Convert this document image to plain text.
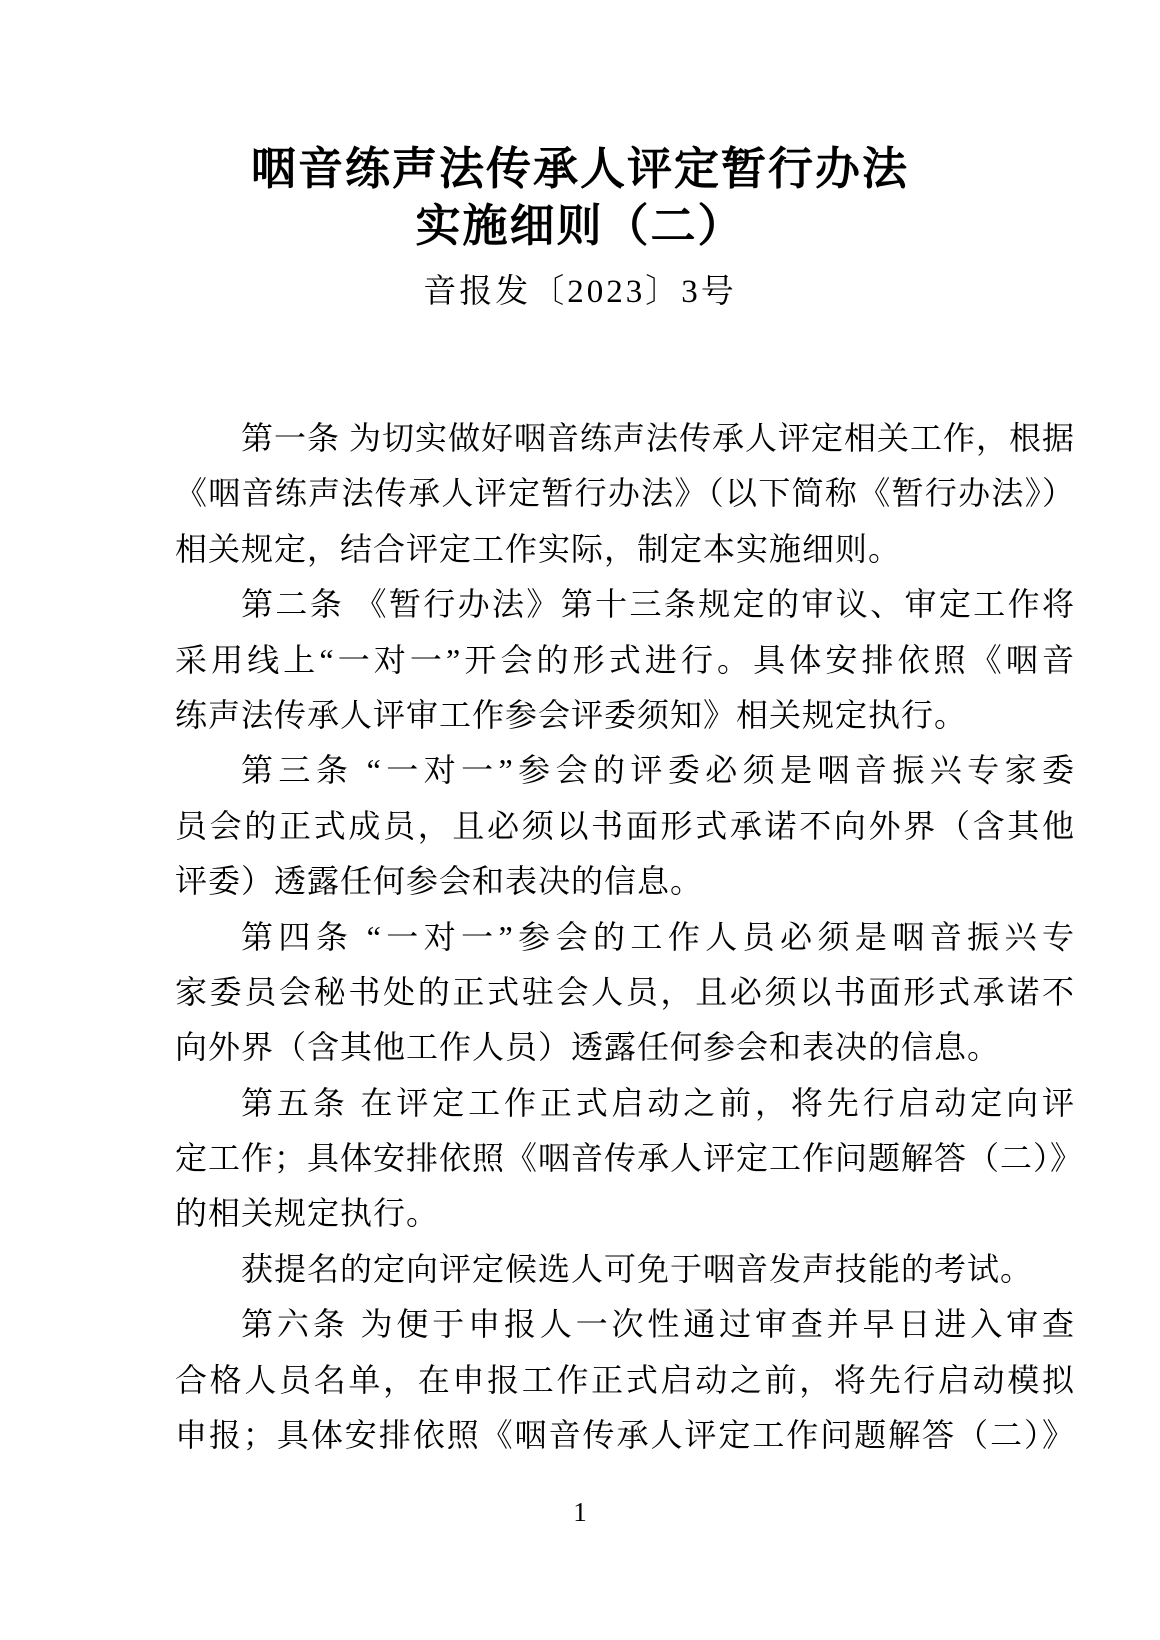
咽音练声法传承人评定暂行办法
实施细则（二）
音报发〔2023〕3号
第一条 为切实做好咽音练声法传承人评定相关工作，根据
《咽音练声法传承人评定暂行办法》（以下简称《暂行办法》）
相关规定，结合评定工作实际，制定本实施细则。
第二条 《暂行办法》第十三条规定的审议、审定工作将
采用线上“一对一”开会的形式进行。具体安排依照《咽音
练声法传承人评审工作参会评委须知》相关规定执行。
第三条 “一对一”参会的评委必须是咽音振兴专家委
员会的正式成员，且必须以书面形式承诺不向外界（含其他
评委）透露任何参会和表决的信息。
第四条 “一对一”参会的工作人员必须是咽音振兴专
家委员会秘书处的正式驻会人员，且必须以书面形式承诺不
向外界（含其他工作人员）透露任何参会和表决的信息。
第五条 在评定工作正式启动之前，将先行启动定向评
定工作；具体安排依照《咽音传承人评定工作问题解答（二）》
的相关规定执行。
获提名的定向评定候选人可免于咽音发声技能的考试。
第六条 为便于申报人一次性通过审查并早日进入审查
合格人员名单，在申报工作正式启动之前，将先行启动模拟
申报；具体安排依照《咽音传承人评定工作问题解答（二）》
1
